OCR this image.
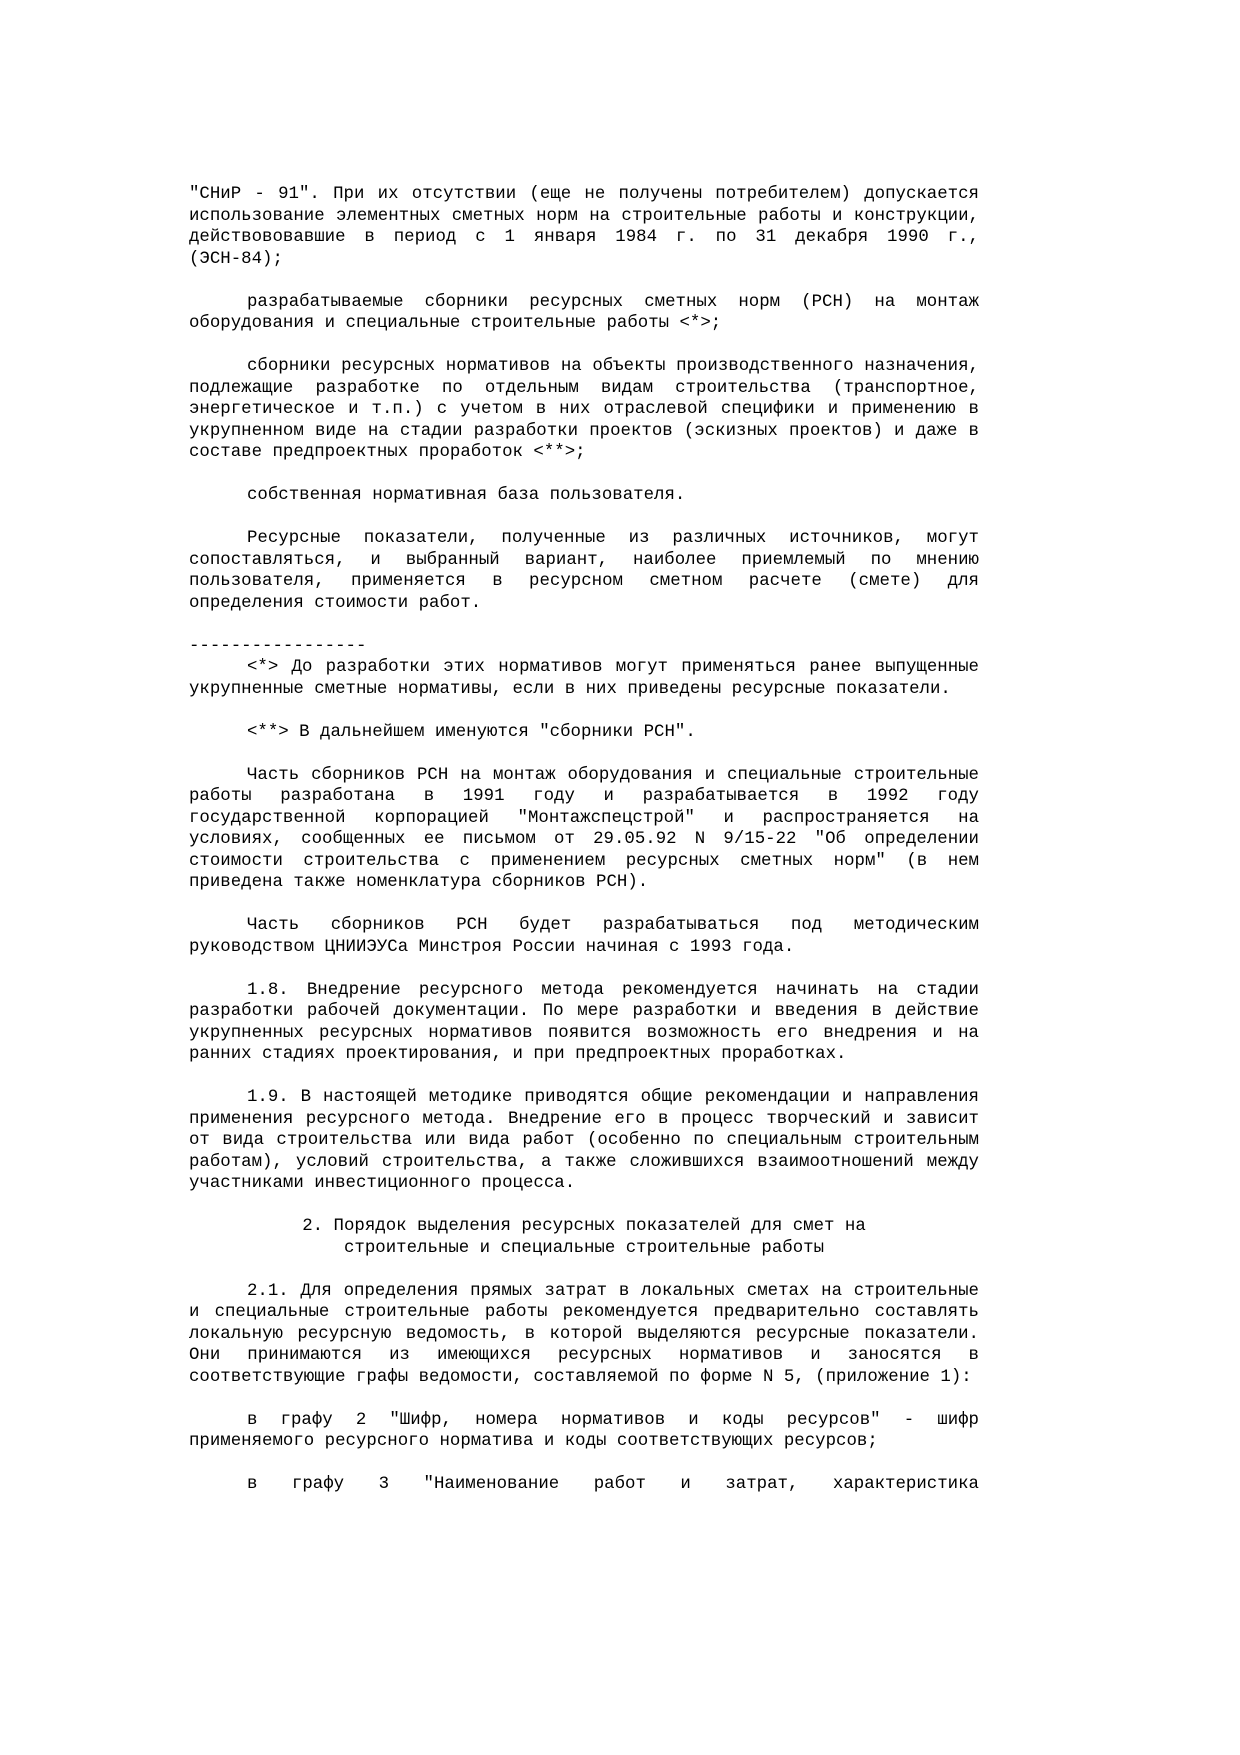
"СНиР - 91". При их отсутствии (еще не получены потребителем) допускается использование элементных сметных норм на строительные работы и конструкции, действововавшие в период с 1 января 1984 г. по 31 декабря 1990 г., (ЭСН-84);

разрабатываемые сборники ресурсных сметных норм (РСН) на монтаж оборудования и специальные строительные работы <*>;

сборники ресурсных нормативов на объекты производственного назначения, подлежащие разработке по отдельным видам строительства (транспортное, энергетическое и т.п.) с учетом в них отраслевой специфики и применению в укрупненном виде на стадии разработки проектов (эскизных проектов) и даже в составе предпроектных проработок <**>;

собственная нормативная база пользователя.

Ресурсные показатели, полученные из различных источников, могут сопоставляться, и выбранный вариант, наиболее приемлемый по мнению пользователя, применяется в ресурсном сметном расчете (смете) для определения стоимости работ.

-----------------

<*> До разработки этих нормативов могут применяться ранее выпущенные укрупненные сметные нормативы, если в них приведены ресурсные показатели.

<**> В дальнейшем именуются "сборники РСН".

Часть сборников РСН на монтаж оборудования и специальные строительные работы разработана в 1991 году и разрабатывается в 1992 году государственной корпорацией "Монтажспецстрой" и распространяется на условиях, сообщенных ее письмом от 29.05.92 N 9/15-22 "Об определении стоимости строительства с применением ресурсных сметных норм" (в нем приведена также номенклатура сборников РСН).

Часть сборников РСН будет разрабатываться под методическим руководством ЦНИИЭУСа Минстроя России начиная с 1993 года.

1.8. Внедрение ресурсного метода рекомендуется начинать на стадии разработки рабочей документации. По мере разработки и введения в действие укрупненных ресурсных нормативов появится возможность его внедрения и на ранних стадиях проектирования, и при предпроектных проработках.

1.9. В настоящей методике приводятся общие рекомендации и направления применения ресурсного метода. Внедрение его в процесс творческий и зависит от вида строительства или вида работ (особенно по специальным строительным работам), условий строительства, а также сложившихся взаимоотношений между участниками инвестиционного процесса.

2. Порядок выделения ресурсных показателей для смет на
строительные и специальные строительные работы

2.1. Для определения прямых затрат в локальных сметах на строительные и специальные строительные работы рекомендуется предварительно составлять локальную ресурсную ведомость, в которой выделяются ресурсные показатели. Они принимаются из имеющихся ресурсных нормативов и заносятся в соответствующие графы ведомости, составляемой по форме N 5, (приложение 1):

в графу 2 "Шифр, номера нормативов и коды ресурсов" - шифр применяемого ресурсного норматива и коды соответствующих ресурсов;

в графу 3 "Наименование работ и затрат, характеристика
